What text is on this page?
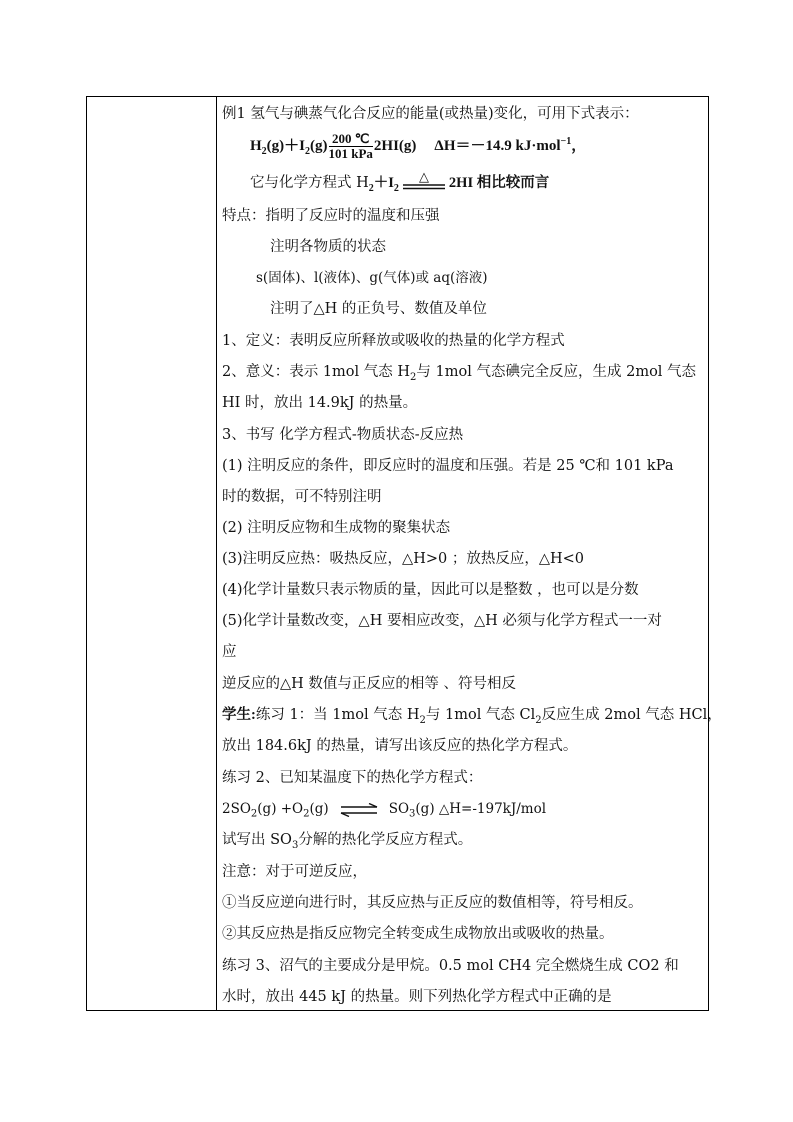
例1 氢气与碘蒸气化合反应的能量(或热量)变化，可用下式表示：
$H_2(g)+I_2(g) \frac{200 ℃}{\text{101 kPa}} 2HI(g)$ ΔH＝－14.9 kJ·mol$^{-1}$，
它与化学方程式 $H_2+I_2$
△ 2HI 相比较而言
特点：指明了反应时的温度和压强
注明各物质的状态
s(固体)、l(液体)、g(气体)或 aq(溶液)
注明了△H 的正负号、数值及单位
1、定义：表明反应所释放或吸收的热量的化学方程式
2、意义：表示 1mol 气态 $H_2$与 1mol 气态碘完全反应，生成 2mol 气态
HI 时，放出 14.9kJ 的热量。
3、书写 化学方程式-物质状态-反应热
(1) 注明反应的条件，即反应时的温度和压强。若是 25 ℃和 101 kPa
时的数据，可不特别注明
(2) 注明反应物和生成物的聚集状态
(3)注明反应热：吸热反应，△H>0 ；放热反应，△H<0
(4)化学计量数只表示物质的量，因此可以是整数 ，也可以是分数
(5)化学计量数改变，△H 要相应改变，△H 必须与化学方程式一一对
应
逆反应的△H 数值与正反应的相等 、符号相反
学生:练习 1：当 1mol 气态 $H_2$与 1mol 气态 $Cl_2$反应生成 2mol 气态 HCl，
放出 184.6kJ 的热量，请写出该反应的热化学方程式。
练习 2、已知某温度下的热化学方程式：
$2SO_2(g) +O_2(g)$ ⇌ $SO_3(g)$ △H=-197kJ/mol
试写出 $SO_3$分解的热化学反应方程式。
注意：对于可逆反应，
①当反应逆向进行时，其反应热与正反应的数值相等，符号相反。
②其反应热是指反应物完全转变成生成物放出或吸收的热量。
练习 3、沼气的主要成分是甲烷。0.5 mol CH4 完全燃烧生成 CO2 和
水时，放出 445 kJ 的热量。则下列热化学方程式中正确的是
